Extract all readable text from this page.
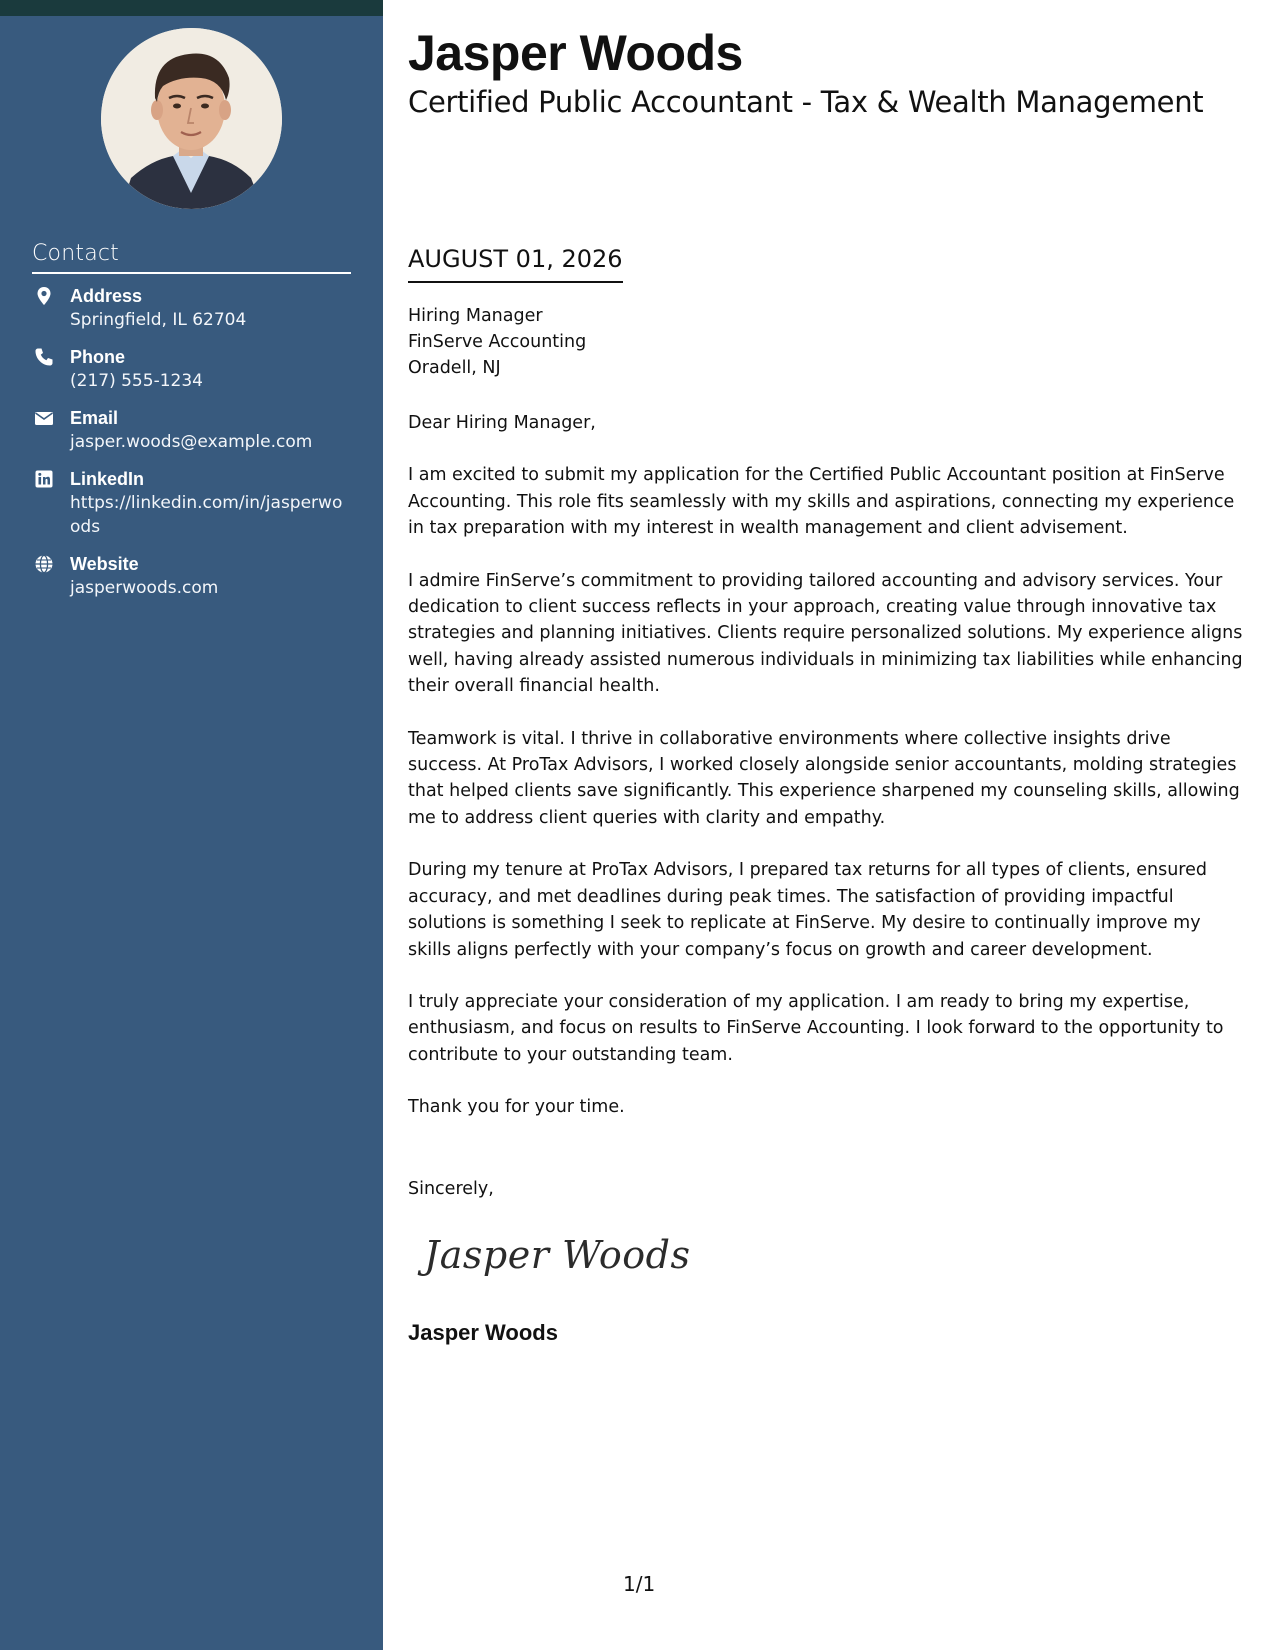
Contact
Address
Springfield, IL 62704
Phone
(217) 555-1234
Email
jasper.woods@example.com
LinkedIn
https://linkedin.com/in/jasperwoods
Website
jasperwoods.com
Jasper Woods
Certified Public Accountant - Tax & Wealth Management
AUGUST 01, 2026
Hiring Manager
FinServe Accounting
Oradell, NJ

Dear Hiring Manager,

I am excited to submit my application for the Certified Public Accountant position at FinServe Accounting. This role fits seamlessly with my skills and aspirations, connecting my experience in tax preparation with my interest in wealth management and client advisement.

I admire FinServe’s commitment to providing tailored accounting and advisory services. Your dedication to client success reflects in your approach, creating value through innovative tax strategies and planning initiatives. Clients require personalized solutions. My experience aligns well, having already assisted numerous individuals in minimizing tax liabilities while enhancing their overall financial health.

Teamwork is vital. I thrive in collaborative environments where collective insights drive success. At ProTax Advisors, I worked closely alongside senior accountants, molding strategies that helped clients save significantly. This experience sharpened my counseling skills, allowing me to address client queries with clarity and empathy.

During my tenure at ProTax Advisors, I prepared tax returns for all types of clients, ensured accuracy, and met deadlines during peak times. The satisfaction of providing impactful solutions is something I seek to replicate at FinServe. My desire to continually improve my skills aligns perfectly with your company’s focus on growth and career development.

I truly appreciate your consideration of my application. I am ready to bring my expertise, enthusiasm, and focus on results to FinServe Accounting. I look forward to the opportunity to contribute to your outstanding team.

Thank you for your time.

Sincerely,
Jasper Woods
Jasper Woods
1/1
